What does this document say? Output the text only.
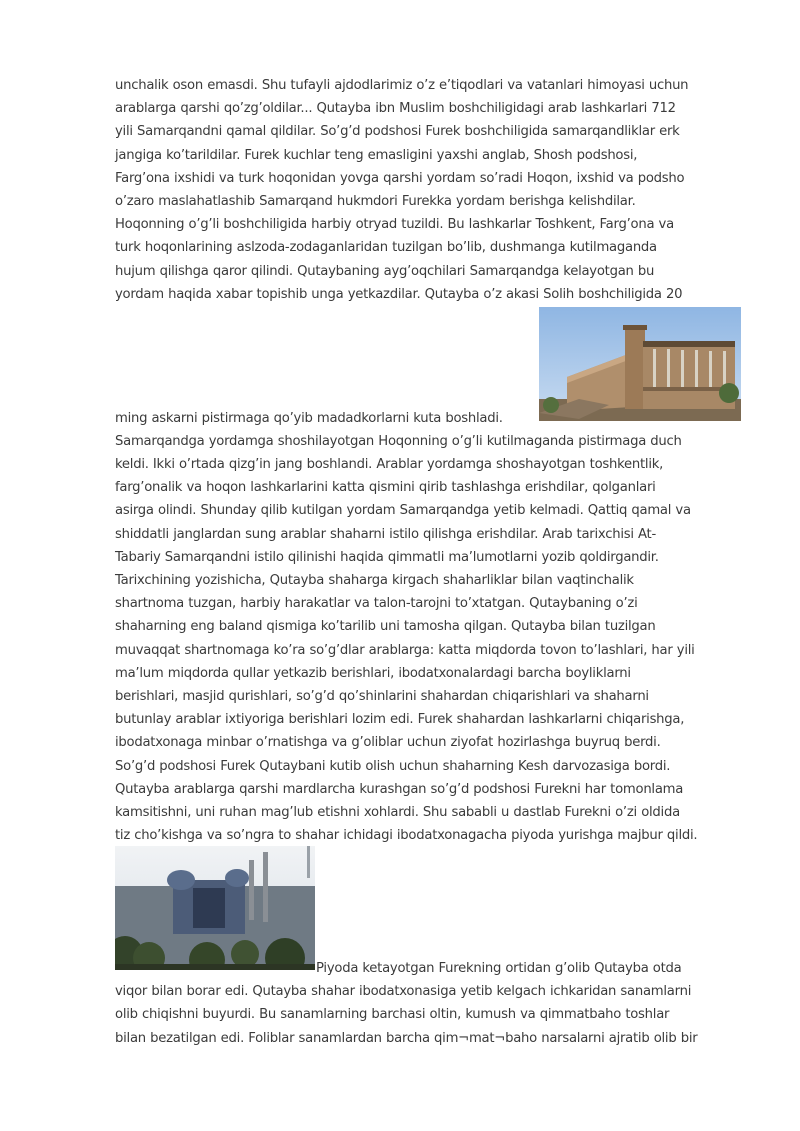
unchalik oson emasdi. Shu tufayli ajdodlarimiz o’z e’tiqodlari va vatanlari himoyasi uchun
arablarga qarshi qo’zg’oldilar... Qutayba ibn Muslim boshchiligidagi arab lashkarlari 712
yili Samarqandni qamal qildilar. So’g’d podshosi Furek boshchiligida samarqandliklar erk
jangiga ko’tarildilar. Furek kuchlar teng emasligini yaxshi anglab, Shosh podshosi,
Farg’ona ixshidi va turk hoqonidan yovga qarshi yordam so’radi Hoqon, ixshid va podsho
o’zaro maslahatlashib Samarqand hukmdori Furekka yordam berishga kelishdilar.
Hoqonning o’g’li boshchiligida harbiy otryad tuzildi. Bu lashkarlar Toshkent, Farg’ona va
turk hoqonlarining aslzoda-zodaganlaridan tuzilgan bo’lib, dushmanga kutilmaganda
hujum qilishga qaror qilindi. Qutaybaning ayg’oqchilari Samarqandga kelayotgan bu
yordam haqida xabar topishib unga yetkazdilar. Qutayba o’z akasi Solih boshchiligida 20
ming askarni pistirmaga qo’yib madadkorlarni kuta boshladi.
Samarqandga yordamga shoshilayotgan Hoqonning o’g’li kutilmaganda pistirmaga duch
keldi. Ikki o’rtada qizg’in jang boshlandi. Arablar yordamga shoshayotgan toshkentlik,
farg’onalik va hoqon lashkarlarini katta qismini qirib tashlashga erishdilar, qolganlari
asirga olindi. Shunday qilib kutilgan yordam Samarqandga yetib kelmadi. Qattiq qamal va
shiddatli janglardan sung arablar shaharni istilo qilishga erishdilar. Arab tarixchisi At-
Tabariy Samarqandni istilo qilinishi haqida qimmatli ma’lumotlarni yozib qoldirgandir.
Tarixchining yozishicha, Qutayba shaharga kirgach shaharliklar bilan vaqtinchalik
shartnoma tuzgan, harbiy harakatlar va talon-tarojni to’xtatgan. Qutaybaning o’zi
shaharning eng baland qismiga ko’tarilib uni tamosha qilgan. Qutayba bilan tuzilgan
muvaqqat shartnomaga ko’ra so’g’dlar arablarga: katta miqdorda tovon to’lashlari, har yili
ma’lum miqdorda qullar yetkazib berishlari, ibodatxonalardagi barcha boyliklarni
berishlari, masjid qurishlari, so’g’d qo’shinlarini shahardan chiqarishlari va shaharni
butunlay arablar ixtiyoriga berishlari lozim edi. Furek shahardan lashkarlarni chiqarishga,
ibodatxonaga minbar o’rnatishga va g’oliblar uchun ziyofat hozirlashga buyruq berdi.
So’g’d podshosi Furek Qutaybani kutib olish uchun shaharning Kesh darvozasiga bordi.
Qutayba arablarga qarshi mardlarcha kurashgan so’g’d podshosi Furekni har tomonlama
kamsitishni, uni ruhan mag’lub etishni xohlardi. Shu sababli u dastlab Furekni o’zi oldida
tiz cho’kishga va so’ngra to shahar ichidagi ibodatxonagacha piyoda yurishga majbur qildi.
Piyoda ketayotgan Furekning ortidan g’olib Qutayba otda
viqor bilan borar edi. Qutayba shahar ibodatxonasiga yetib kelgach ichkaridan sanamlarni
olib chiqishni buyurdi. Bu sanamlarning barchasi oltin, kumush va qimmatbaho toshlar
bilan bezatilgan edi. Foliblar sanamlardan barcha qim¬mat¬baho narsalarni ajratib olib bir
